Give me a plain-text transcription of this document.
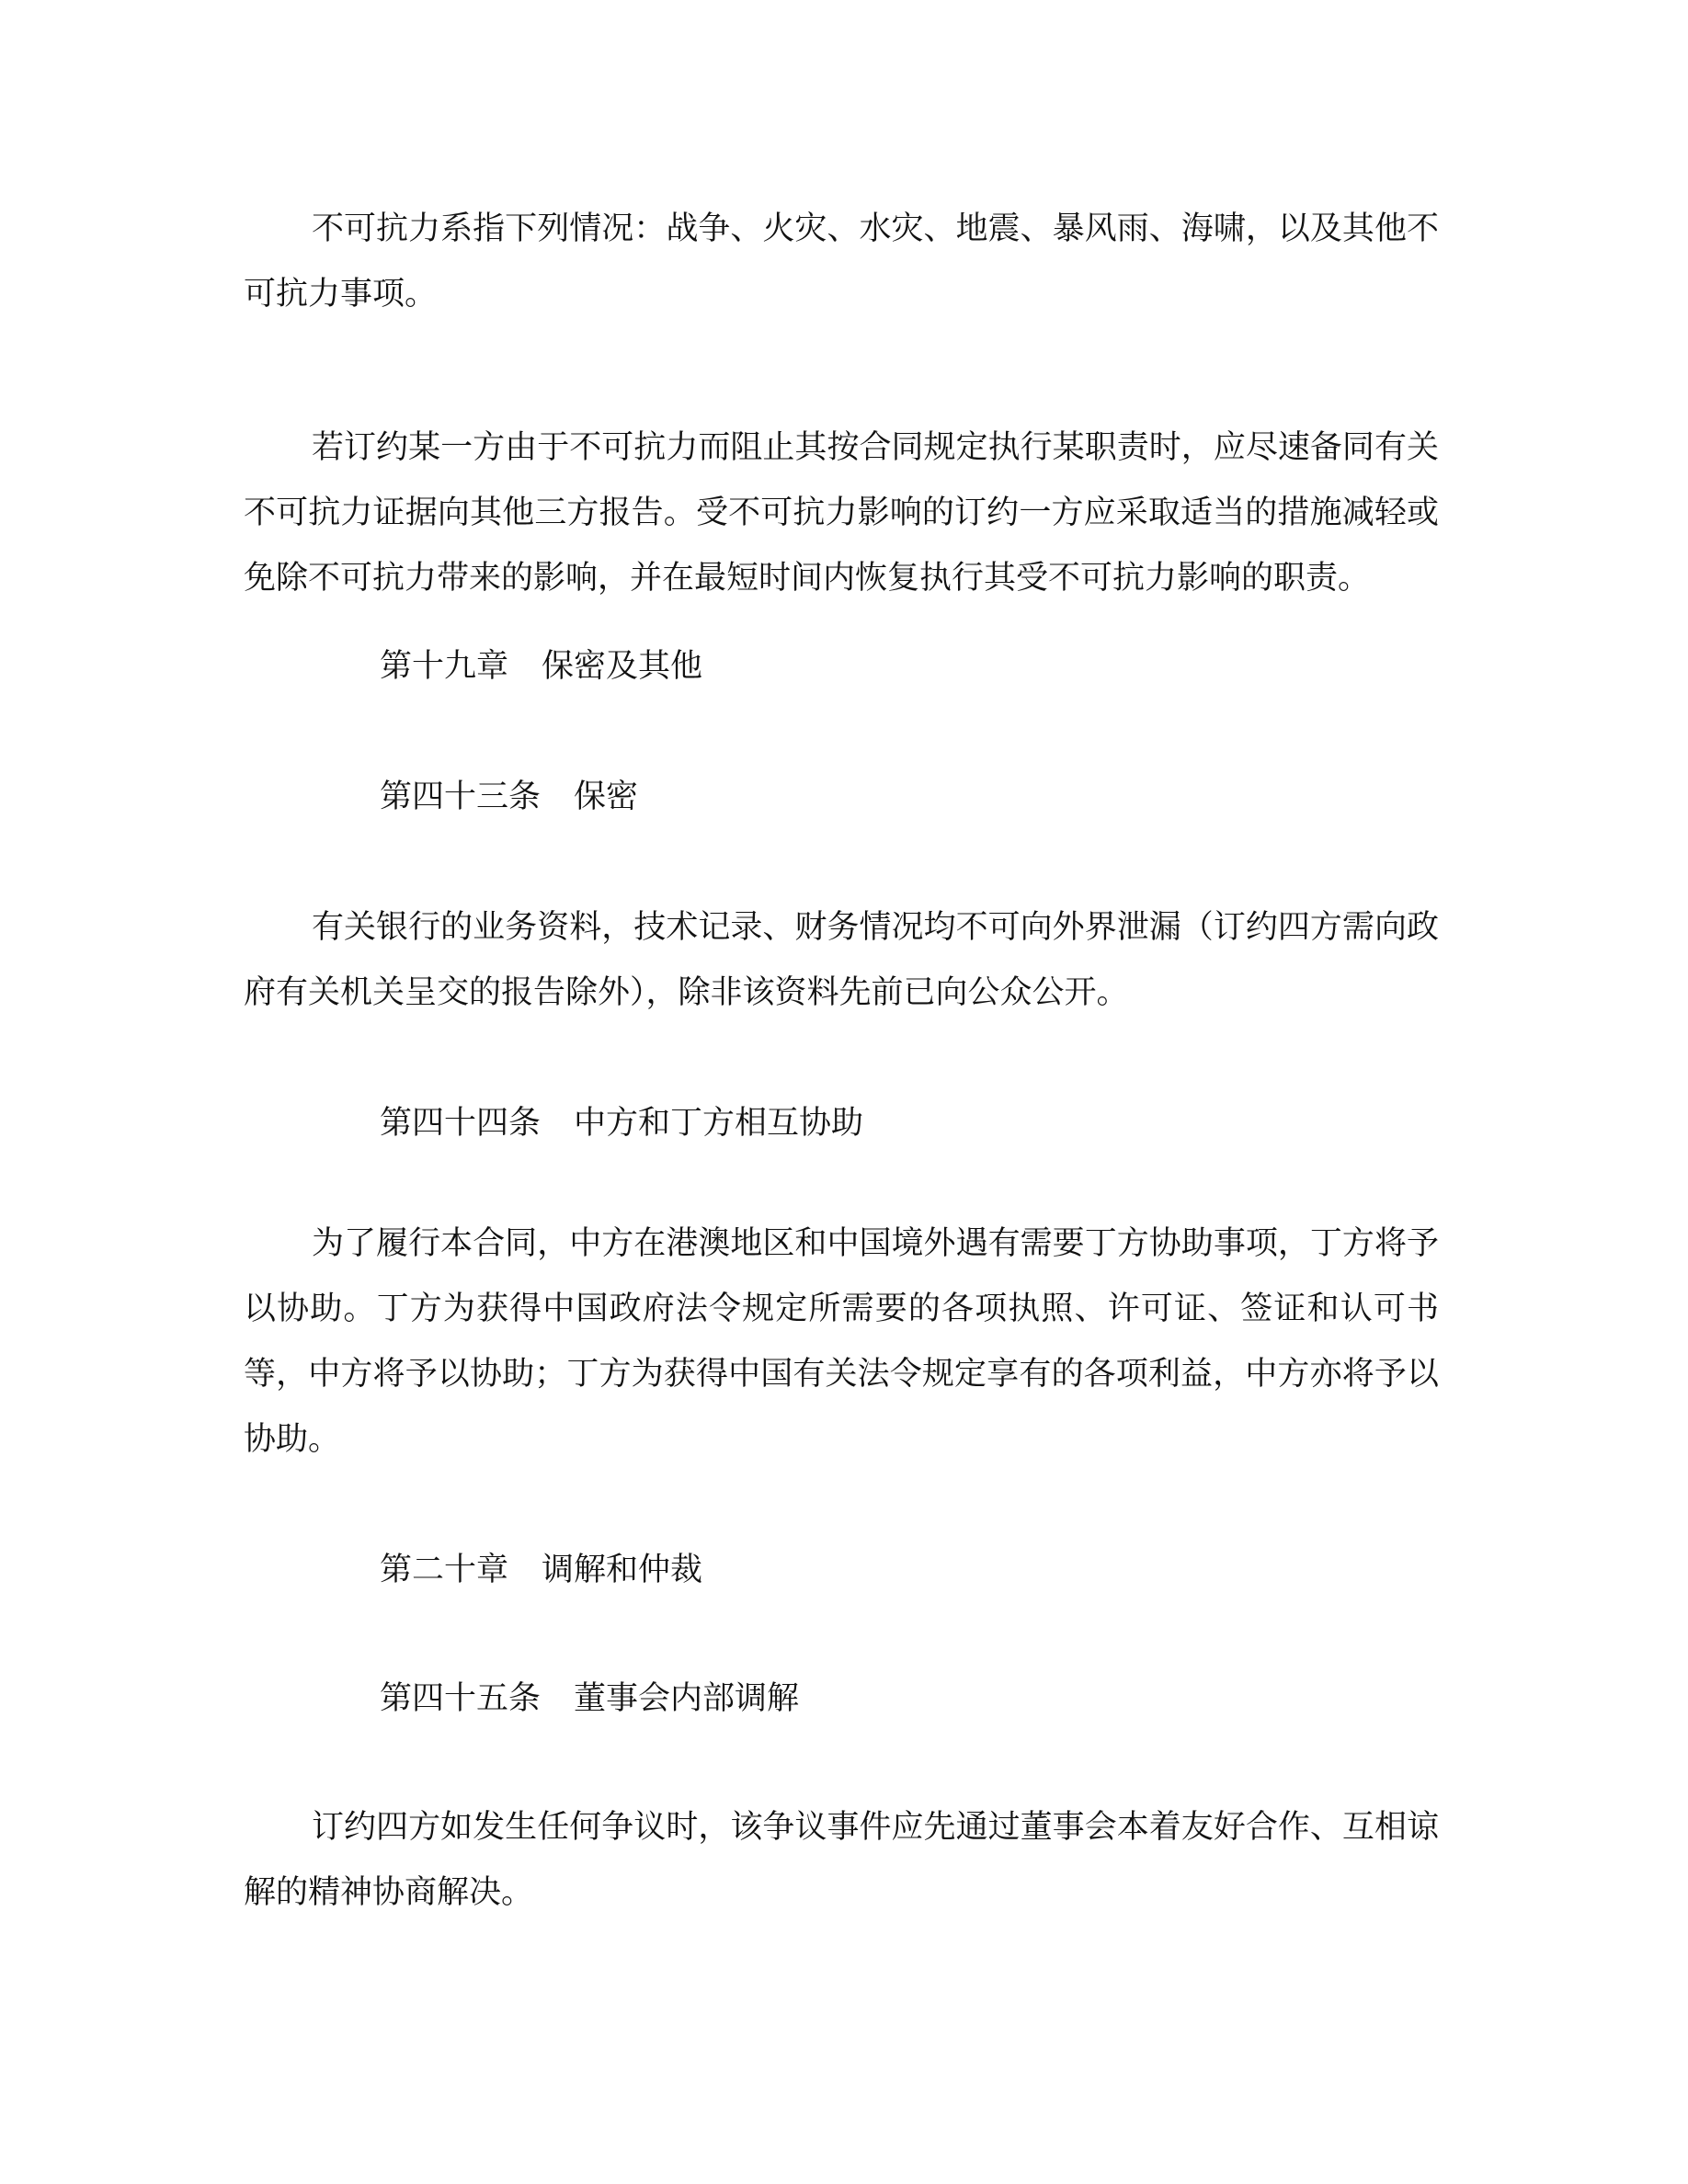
不可抗力系指下列情况：战争、火灾、水灾、地震、暴风雨、海啸，以及其他不可抗力事项。

若订约某一方由于不可抗力而阻止其按合同规定执行某职责时，应尽速备同有关不可抗力证据向其他三方报告。受不可抗力影响的订约一方应采取适当的措施减轻或免除不可抗力带来的影响，并在最短时间内恢复执行其受不可抗力影响的职责。

第十九章 保密及其他

第四十三条 保密

有关银行的业务资料，技术记录、财务情况均不可向外界泄漏（订约四方需向政府有关机关呈交的报告除外），除非该资料先前已向公众公开。

第四十四条 中方和丁方相互协助

为了履行本合同，中方在港澳地区和中国境外遇有需要丁方协助事项，丁方将予以协助。丁方为获得中国政府法令规定所需要的各项执照、许可证、签证和认可书等，中方将予以协助；丁方为获得中国有关法令规定享有的各项利益，中方亦将予以协助。

第二十章 调解和仲裁

第四十五条 董事会内部调解

订约四方如发生任何争议时，该争议事件应先通过董事会本着友好合作、互相谅解的精神协商解决。
